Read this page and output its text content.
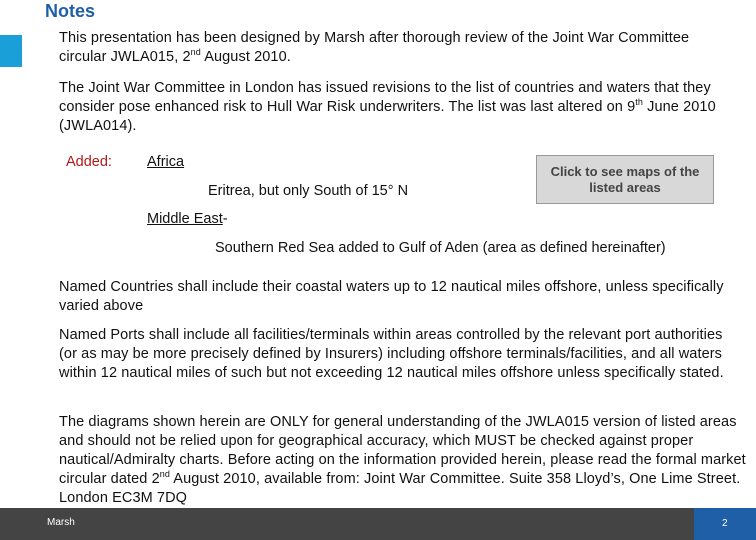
Notes
This presentation has been designed by Marsh after thorough review of the Joint War Committee circular JWLA015, 2nd August 2010.
The Joint War Committee in London has issued revisions to the list of countries and waters that they consider pose enhanced risk to Hull War Risk underwriters. The list was last altered on 9th June 2010 (JWLA014).
Added: Africa
Eritrea, but only South of 15° N
Click to see maps of the listed areas
Middle East-
Southern Red Sea added to Gulf of Aden (area as defined hereinafter)
Named Countries shall include their coastal waters up to 12 nautical miles offshore, unless specifically varied above
Named Ports shall include all facilities/terminals within areas controlled by the relevant port authorities (or as may be more precisely defined by Insurers) including offshore terminals/facilities, and all waters within 12 nautical miles of such but not exceeding 12 nautical miles offshore unless specifically stated.
The diagrams shown herein are ONLY for general understanding of the JWLA015 version of listed areas and should not be relied upon for geographical accuracy, which MUST be checked against proper nautical/Admiralty charts. Before acting on the information provided herein, please read the formal market circular dated 2nd August 2010, available from: Joint War Committee. Suite 358 Lloyd’s, One Lime Street. London EC3M 7DQ
Marsh	2
